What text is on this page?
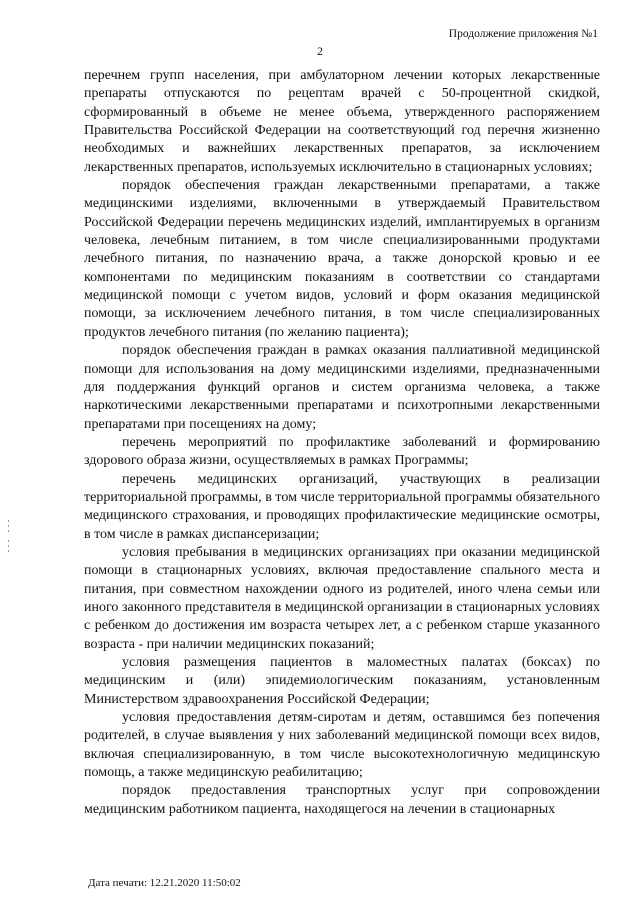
Продолжение приложения №1
2

перечнем групп населения, при амбулаторном лечении которых лекарственные препараты отпускаются по рецептам врачей с 50-процентной скидкой, сформированный в объеме не менее объема, утвержденного распоряжением Правительства Российской Федерации на соответствующий год перечня жизненно необходимых и важнейших лекарственных препаратов, за исключением лекарственных препаратов, используемых исключительно в стационарных условиях;

порядок обеспечения граждан лекарственными препаратами, а также медицинскими изделиями, включенными в утверждаемый Правительством Российской Федерации перечень медицинских изделий, имплантируемых в организм человека, лечебным питанием, в том числе специализированными продуктами лечебного питания, по назначению врача, а также донорской кровью и ее компонентами по медицинским показаниям в соответствии со стандартами медицинской помощи с учетом видов, условий и форм оказания медицинской помощи, за исключением лечебного питания, в том числе специализированных продуктов лечебного питания (по желанию пациента);

порядок обеспечения граждан в рамках оказания паллиативной медицинской помощи для использования на дому медицинскими изделиями, предназначенными для поддержания функций органов и систем организма человека, а также наркотическими лекарственными препаратами и психотропными лекарственными препаратами при посещениях на дому;

перечень мероприятий по профилактике заболеваний и формированию здорового образа жизни, осуществляемых в рамках Программы;

перечень медицинских организаций, участвующих в реализации территориальной программы, в том числе территориальной программы обязательного медицинского страхования, и проводящих профилактические медицинские осмотры, в том числе в рамках диспансеризации;

условия пребывания в медицинских организациях при оказании медицинской помощи в стационарных условиях, включая предоставление спального места и питания, при совместном нахождении одного из родителей, иного члена семьи или иного законного представителя в медицинской организации в стационарных условиях с ребенком до достижения им возраста четырех лет, а с ребенком старше указанного возраста - при наличии медицинских показаний;

условия размещения пациентов в маломестных палатах (боксах) по медицинским и (или) эпидемиологическим показаниям, установленным Министерством здравоохранения Российской Федерации;

условия предоставления детям-сиротам и детям, оставшимся без попечения родителей, в случае выявления у них заболеваний медицинской помощи всех видов, включая специализированную, в том числе высокотехнологичную медицинскую помощь, а также медицинскую реабилитацию;

порядок предоставления транспортных услуг при сопровождении медицинским работником пациента, находящегося на лечении в стационарных

Дата печати: 12.21.2020 11:50:02
